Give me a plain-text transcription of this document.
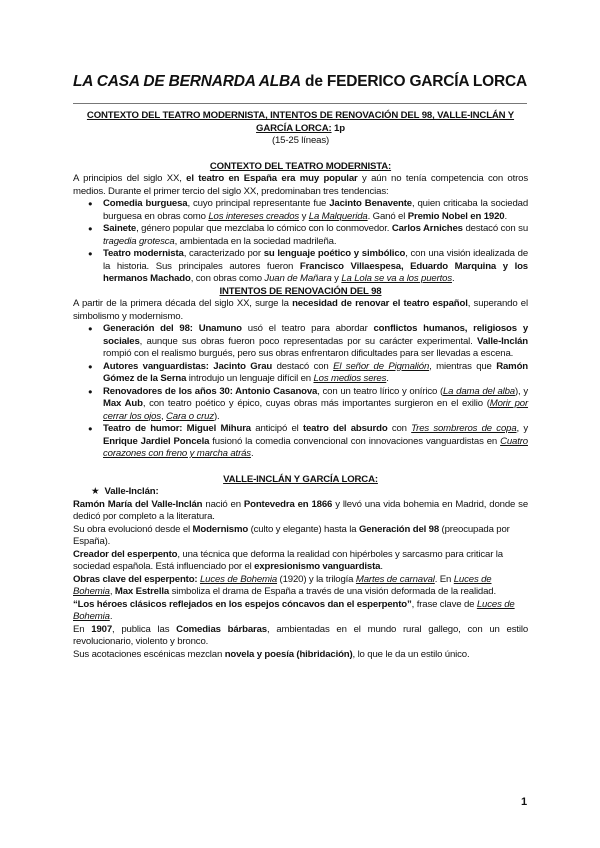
LA CASA DE BERNARDA ALBA de FEDERICO GARCÍA LORCA

CONTEXTO DEL TEATRO MODERNISTA, INTENTOS DE RENOVACIÓN DEL 98, VALLE-INCLÁN Y GARCÍA LORCA: 1p

(15-25 líneas)

CONTEXTO DEL TEATRO MODERNISTA:

A principios del siglo XX, el teatro en España era muy popular y aún no tenía competencia con otros medios. Durante el primer tercio del siglo XX, predominaban tres tendencias:

● Comedia burguesa, cuyo principal representante fue Jacinto Benavente, quien criticaba la sociedad burguesa en obras como Los intereses creados y La Malquerida. Ganó el Premio Nobel en 1920.
● Sainete, género popular que mezclaba lo cómico con lo conmovedor. Carlos Arniches destacó con su tragedia grotesca, ambientada en la sociedad madrileña.
● Teatro modernista, caracterizado por su lenguaje poético y simbólico, con una visión idealizada de la historia. Sus principales autores fueron Francisco Villaespesa, Eduardo Marquina y los hermanos Machado, con obras como Juan de Mañara y La Lola se va a los puertos.

INTENTOS DE RENOVACIÓN DEL 98

A partir de la primera década del siglo XX, surge la necesidad de renovar el teatro español, superando el simbolismo y modernismo.

● Generación del 98: Unamuno usó el teatro para abordar conflictos humanos, religiosos y sociales, aunque sus obras fueron poco representadas por su carácter experimental. Valle-Inclán rompió con el realismo burgués, pero sus obras enfrentaron dificultades para ser llevadas a escena.
● Autores vanguardistas: Jacinto Grau destacó con El señor de Pigmalión, mientras que Ramón Gómez de la Serna introdujo un lenguaje difícil en Los medios seres.
● Renovadores de los años 30: Antonio Casanova, con un teatro lírico y onírico (La dama del alba), y Max Aub, con teatro poético y épico, cuyas obras más importantes surgieron en el exilio (Morir por cerrar los ojos, Cara o cruz).
● Teatro de humor: Miguel Mihura anticipó el teatro del absurdo con Tres sombreros de copa, y Enrique Jardiel Poncela fusionó la comedia convencional con innovaciones vanguardistas en Cuatro corazones con freno y marcha atrás.

VALLE-INCLÁN Y GARCÍA LORCA:

★ Valle-Inclán:

Ramón María del Valle-Inclán nació en Pontevedra en 1866 y llevó una vida bohemia en Madrid, donde se dedicó por completo a la literatura.

Su obra evolucionó desde el Modernismo (culto y elegante) hasta la Generación del 98 (preocupada por España).

Creador del esperpento, una técnica que deforma la realidad con hipérboles y sarcasmo para criticar la sociedad española. Está influenciado por el expresionismo vanguardista.

Obras clave del esperpento: Luces de Bohemia (1920) y la trilogía Martes de carnaval. En Luces de Bohemia, Max Estrella simboliza el drama de España a través de una visión deformada de la realidad.

“Los héroes clásicos reflejados en los espejos cóncavos dan el esperpento”, frase clave de Luces de Bohemia.

En 1907, publica las Comedias bárbaras, ambientadas en el mundo rural gallego, con un estilo revolucionario, violento y bronco.

Sus acotaciones escénicas mezclan novela y poesía (hibridación), lo que le da un estilo único.

1
